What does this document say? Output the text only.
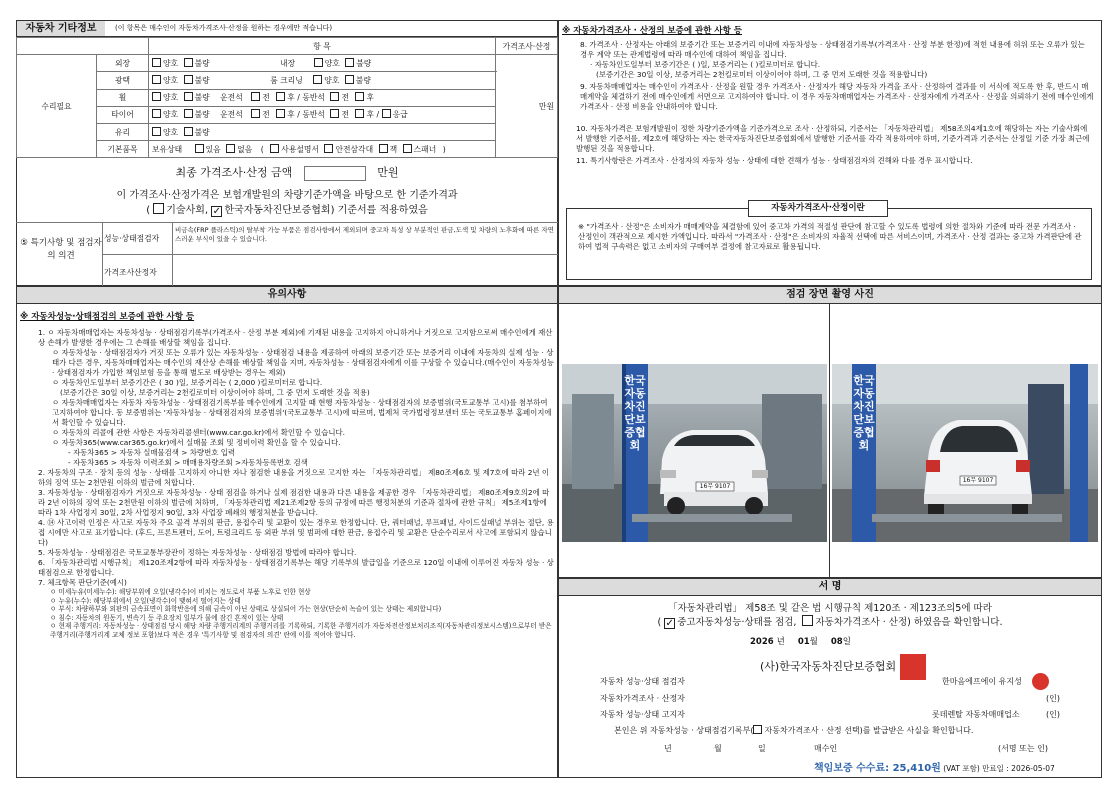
자동차 기타정보	(이 항목은 매수인이 자동차가격조사·산정을 원하는 경우에만 적습니다)
		항 목	가격조사·산정
수리필요	외장	양호 불량 내장 양호 불량	만원
	광택	양호 불량 룸 크리닝 양호 불량	
	휠	양호 불량 운전석 전 후 / 동반석 전 후	
	타이어	양호 불량 운전석 전 후 / 동반석 전 후 / 응급	
	유리	양호 불량	
	기본품목	보유상태 있음 없음 ( 사용설명서 안전삼각대 잭 스패너 )	
최종 가격조사·산정 금액	만원
이 가격조사·산정가격은 보험개발원의 차량기준가액을 바탕으로 한 기준가격과
( 기술사회, ✓ 한국자동차진단보증협회) 기준서를 적용하였음
⑤ 특기사항 및 점검자의 의견
성능·상태점검자
비금속(FRP 플라스틱)의 탈부착 가능 부품은 점검사항에서 제외되며 중고차 특성 상 부분적인 판금,도색 및 차량의 노후화에 따른 자연스러운 부식이 있을 수 있습니다.
가격조사산정자
※ 자동차가격조사 · 산정의 보증에 관한 사항 등
8. 가격조사 · 산정자는 아래의 보증기간 또는 보증거리 이내에 자동차성능 · 상태점검기록부(가격조사 · 산정 부분 한정)에 적힌 내용에 허위 또는 오류가 있는 경우 계약 또는 관계법령에 따라 매수인에 대하여 책임을 집니다.
· 자동차인도일부터 보증기간은 ( )일, 보증거리는 ( )킬로미터로 합니다.
(보증기간은 30일 이상, 보증거리는 2천킬로미터 이상이어야 하며, 그 중 먼저 도래한 것을 적용합니다)
9. 자동차매매업자는 매수인이 가격조사 · 산정을 원할 경우 가격조사 · 산정자가 해당 자동차 가격을 조사 · 산정하여 결과를 이 서식에 적도록 한 후, 반드시 매매계약을 체결하기 전에 매수인에게 서면으로 고지하여야 합니다. 이 경우 자동차매매업자는 가격조사 · 산정자에게 가격조사 · 산정을 의뢰하기 전에 매수인에게 가격조사 · 산정 비용을 안내하여야 합니다.
10. 자동차가격은 보험개발원이 정한 차량기준가액을 기준가격으로 조사 · 산정하되, 기준서는 「자동차관리법」 제58조의4제1호에 해당하는 자는 기술사회에서 발행한 기준서를, 제2호에 해당하는 자는 한국자동차진단보증협회에서 발행한 기준서를 각각 적용하여야 하며, 기준가격과 기준서는 산정일 기준 가장 최근에 발행된 것을 적용합니다.
11. 특기사항란은 가격조사 · 산정자의 자동차 성능 · 상태에 대한 견해가 성능 · 상태점검자의 견해와 다를 경우 표시합니다.
자동차가격조사·산정이란
※ "가격조사 · 산정"은 소비자가 매매계약을 체결함에 있어 중고차 가격의 적절성 판단에 참고할 수 있도록 법령에 의한 절차와 기준에 따라 전문 가격조사 · 산정인이 객관적으로 제시한 가액입니다. 따라서 "가격조사 · 산정"은 소비자의 자율적 선택에 따른 서비스이며, 가격조사 · 산정 결과는 중고차 가격판단에 관하여 법적 구속력은 없고 소비자의 구매여부 결정에 참고자료로 활용됩니다.
유의사항
※ 자동차성능·상태점검의 보증에 관한 사항 등
1. ㅇ 자동차매매업자는 자동차성능 · 상태점검기록부(가격조사 · 산정 부분 제외)에 기재된 내용을 고지하지 아니하거나 거짓으로 고지함으로써 매수인에게 재산상 손해가 발생한 경우에는 그 손해를 배상할 책임을 집니다.
ㅇ 자동차성능 · 상태점검자가 거짓 또는 오류가 있는 자동차성능 · 상태점검 내용을 제공하여 아래의 보증기간 또는 보증거리 이내에 자동차의 실제 성능 · 상태가 다른 경우, 자동차매매업자는 매수인의 재산상 손해를 배상할 책임을 지며, 자동차성능 · 상태점검자에게 이를 구상할 수 있습니다.(매수인이 자동차성능 · 상태점검자가 가입한 책임보험 등을 통해 별도로 배상받는 경우는 제외)
ㅇ 자동차인도일부터 보증기간은 ( 30 )일, 보증거리는 ( 2,000 )킬로미터로 합니다.
(보증기간은 30일 이상, 보증거리는 2천킬로미터 이상이어야 하며, 그 중 먼저 도래한 것을 적용)
ㅇ 자동차매매업자는 자동차 자동차성능 · 상태점검기록부를 매수인에게 고지할 때 현행 자동차성능 · 상태점검자의 보증범위(국토교통부 고시)를 첨부하여 고지하여야 합니다. 동 보증범위는 '자동차성능 · 상태점검자의 보증범위'(국토교통부 고시)에 따르며, 법제처 국가법령정보센터 또는 국토교통부 홈페이지에서 확인할 수 있습니다.
ㅇ 자동차의 리콜에 관한 사항은 자동차리콜센터(www.car.go.kr)에서 확인할 수 있습니다.
ㅇ 자동차365(www.car365.go.kr)에서 실매물 조회 및 정비이력 확인을 할 수 있습니다.
- 자동차365 > 자동차 실매물검색 > 차량번호 입력
- 자동차365 > 자동차 이력조회 > 매매용차량조회 >자동차등록번호 검색
2. 자동차의 구조 · 장치 등의 성능 · 상태를 고지하지 아니한 자나 점검한 내용을 거짓으로 고지한 자는 「자동차관리법」 제80조제6호 및 제7호에 따라 2년 이하의 징역 또는 2천만원 이하의 벌금에 처합니다.
3. 자동차성능 · 상태점검자가 거짓으로 자동차성능 · 상태 점검을 하거나 실제 점검한 내용과 다른 내용을 제공한 경우 「자동차관리법」 제80조제9호의2에 따라 2년 이하의 징역 또는 2천만원 이하의 벌금에 처하며, 「자동차관리법 제21조제2항 등의 규정에 따른 행정처분의 기준과 절차에 관한 규칙」 제5조제1항에 따라 1차 사업정지 30일, 2차 사업정지 90일, 3차 사업장 폐쇄의 행정처분을 받습니다.
4. ⑭ 사고이력 인정은 사고로 자동차 주요 골격 부위의 판금, 용접수리 및 교환이 있는 경우로 한정합니다. 단, 쿼터패널, 루프패널, 사이드실패널 부위는 절단, 용접 시에만 사고로 표기합니다. (후드, 프론트펜더, 도어, 트렁크리드 등 외판 부위 및 범퍼에 대한 판금, 용접수리 및 교환은 단순수리로서 사고에 포함되지 않습니다)
5. 자동차성능 · 상태점검은 국토교통부장관이 정하는 자동차성능 · 상태점검 방법에 따라야 합니다.
6. 「자동차관리법 시행규칙」 제120조제2항에 따라 자동차성능 · 상태점검기록부는 해당 기록부의 발급일을 기준으로 120일 이내에 이루어진 자동차 성능 · 상태점검으로 한정합니다.
7. 체크항목 판단기준(예시)
ㅇ 미세누유(미세누수): 해당부위에 오일(냉각수)이 비치는 정도로서 부품 노후로 인한 현상
ㅇ 누유(누수): 해당부위에서 오일(냉각수)이 맺혀서 떨어지는 상태
ㅇ 부식: 차량하부와 외판의 금속표면이 화학반응에 의해 금속이 아닌 상태로 상실되어 가는 현상(단순히 녹슬어 있는 상태는 제외합니다)
ㅇ 침수: 자동차의 원동기, 변속기 등 주요장치 일부가 물에 잠긴 흔적이 있는 상태
ㅇ 현재 주행거리: 자동차성능 · 상태점검 당시 해당 차량 주행거리계의 주행거리를 기록하되, 기록한 주행거리가 자동차전산정보처리조직(자동차관리정보시스템)으로부터 받은 주행거리(주행거리계 교체 정보 포함)보다 적은 경우 '특기사항 및 점검자의 의견' 란에 이를 적어야 합니다.
점검 장면 촬영 사진
한국자동차진단보증협회
16무 9107
한국자동차진단보증협회
16무 9107
서 명
「자동차관리법」 제58조 및 같은 법 시행규칙 제120조 · 제123조의5에 따라
( ✓ 중고자동차성능·상태를 점검, 자동차가격조사 · 산정) 하였음을 확인합니다.
2026 년 01월 08일
(사)한국자동차진단보증협회
자동차 성능·상태 점검자	한마음에프에이 유지성
자동차가격조사 · 산정자	(인)
자동차 성능·상태 고지자	롯데렌탈 자동차매매업소	(인)
본인은 위 자동차성능 · 상태점검기록부( 자동차가격조사 · 산정 선택)를 발급받은 사실을 확인합니다.
년	월	일	매수인	(서명 또는 인)
책임보증 수수료: 25,410원 (VAT 포함) 만료일 : 2026-05-07
